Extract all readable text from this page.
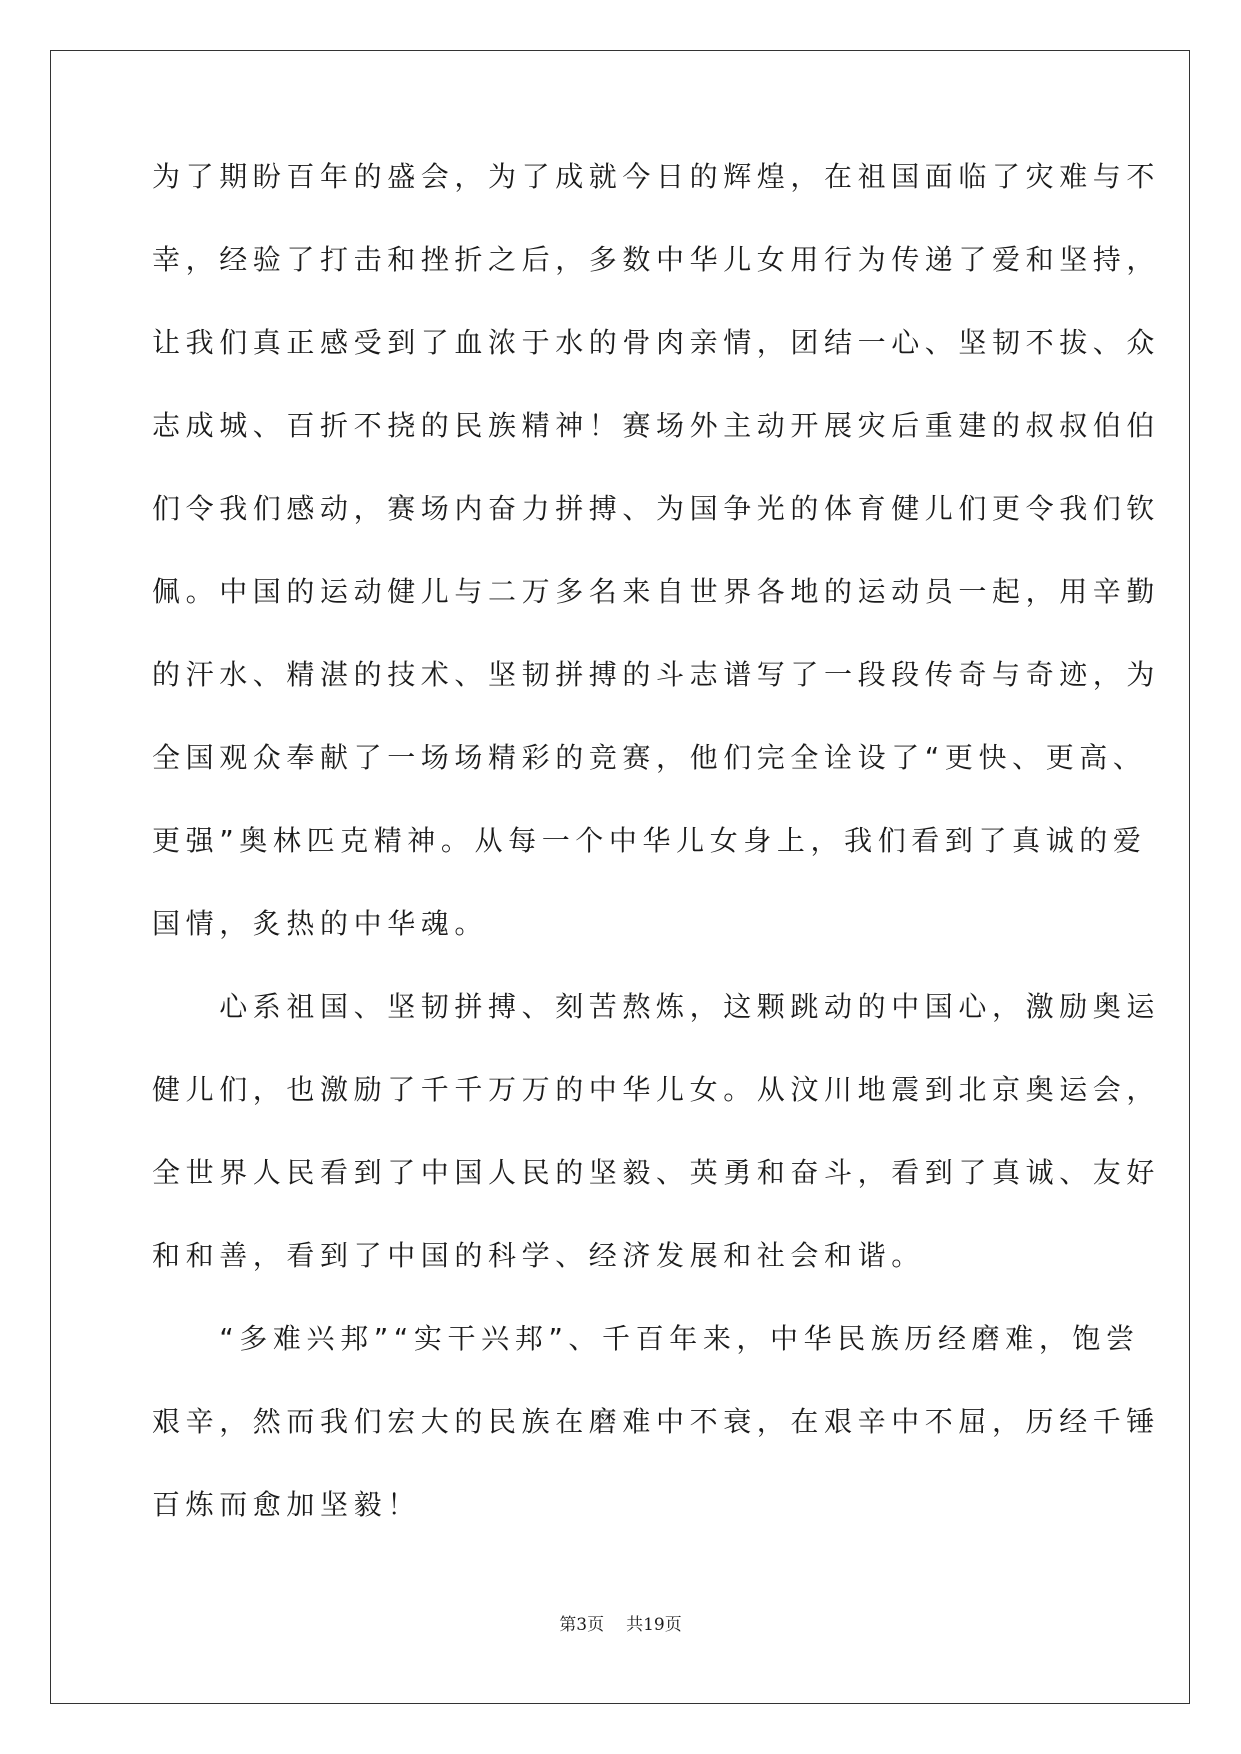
为了期盼百年的盛会，为了成就今日的辉煌，在祖国面临了灾难与不
幸，经验了打击和挫折之后，多数中华儿女用行为传递了爱和坚持，
让我们真正感受到了血浓于水的骨肉亲情，团结一心、坚韧不拔、众
志成城、百折不挠的民族精神！赛场外主动开展灾后重建的叔叔伯伯
们令我们感动，赛场内奋力拼搏、为国争光的体育健儿们更令我们钦
佩。中国的运动健儿与二万多名来自世界各地的运动员一起，用辛勤
的汗水、精湛的技术、坚韧拼搏的斗志谱写了一段段传奇与奇迹，为
全国观众奉献了一场场精彩的竞赛，他们完全诠设了“更快、更高、
更强”奥林匹克精神。从每一个中华儿女身上，我们看到了真诚的爱
国情，炙热的中华魂。
　　心系祖国、坚韧拼搏、刻苦熬炼，这颗跳动的中国心，激励奥运
健儿们，也激励了千千万万的中华儿女。从汶川地震到北京奥运会，
全世界人民看到了中国人民的坚毅、英勇和奋斗，看到了真诚、友好
和和善，看到了中国的科学、经济发展和社会和谐。
　　“多难兴邦”“实干兴邦”、千百年来，中华民族历经磨难，饱尝
艰辛，然而我们宏大的民族在磨难中不衰，在艰辛中不屈，历经千锤
百炼而愈加坚毅！
第3页 共19页
